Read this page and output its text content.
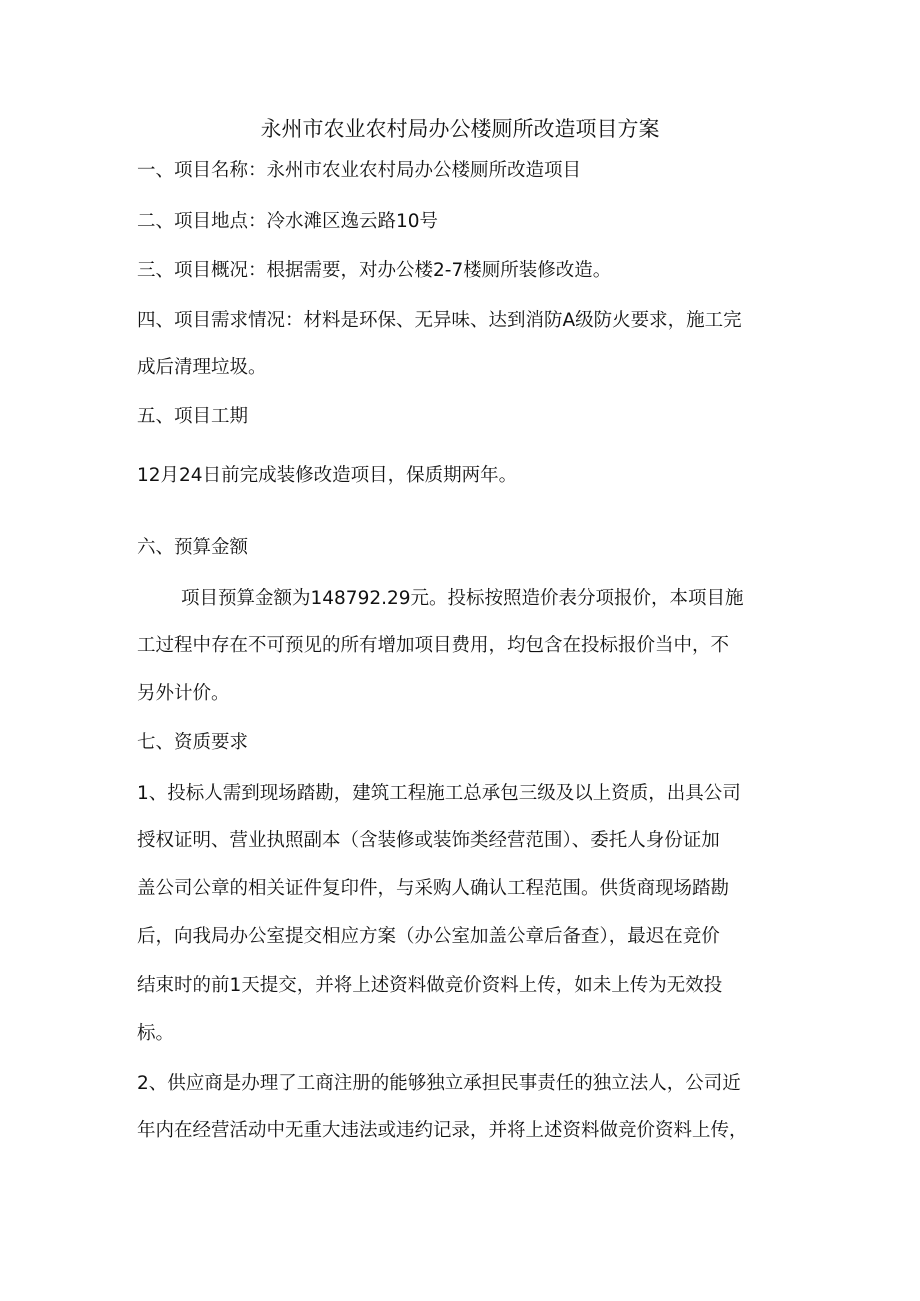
永州市农业农村局办公楼厕所改造项目方案
一、项目名称：永州市农业农村局办公楼厕所改造项目
二、项目地点：冷水滩区逸云路10号
三、项目概况：根据需要，对办公楼2-7楼厕所装修改造。
四、项目需求情况：材料是环保、无异味、达到消防A级防火要求，施工完
成后清理垃圾。
五、项目工期
12月24日前完成装修改造项目，保质期两年。
六、预算金额
项目预算金额为148792.29元。投标按照造价表分项报价，本项目施
工过程中存在不可预见的所有增加项目费用，均包含在投标报价当中，不
另外计价。
七、资质要求
1、投标人需到现场踏勘，建筑工程施工总承包三级及以上资质，出具公司
授权证明、营业执照副本（含装修或装饰类经营范围）、委托人身份证加
盖公司公章的相关证件复印件，与采购人确认工程范围。供货商现场踏勘
后，向我局办公室提交相应方案（办公室加盖公章后备查），最迟在竞价
结束时的前1天提交，并将上述资料做竞价资料上传，如未上传为无效投
标。
2、供应商是办理了工商注册的能够独立承担民事责任的独立法人，公司近
年内在经营活动中无重大违法或违约记录，并将上述资料做竞价资料上传，
